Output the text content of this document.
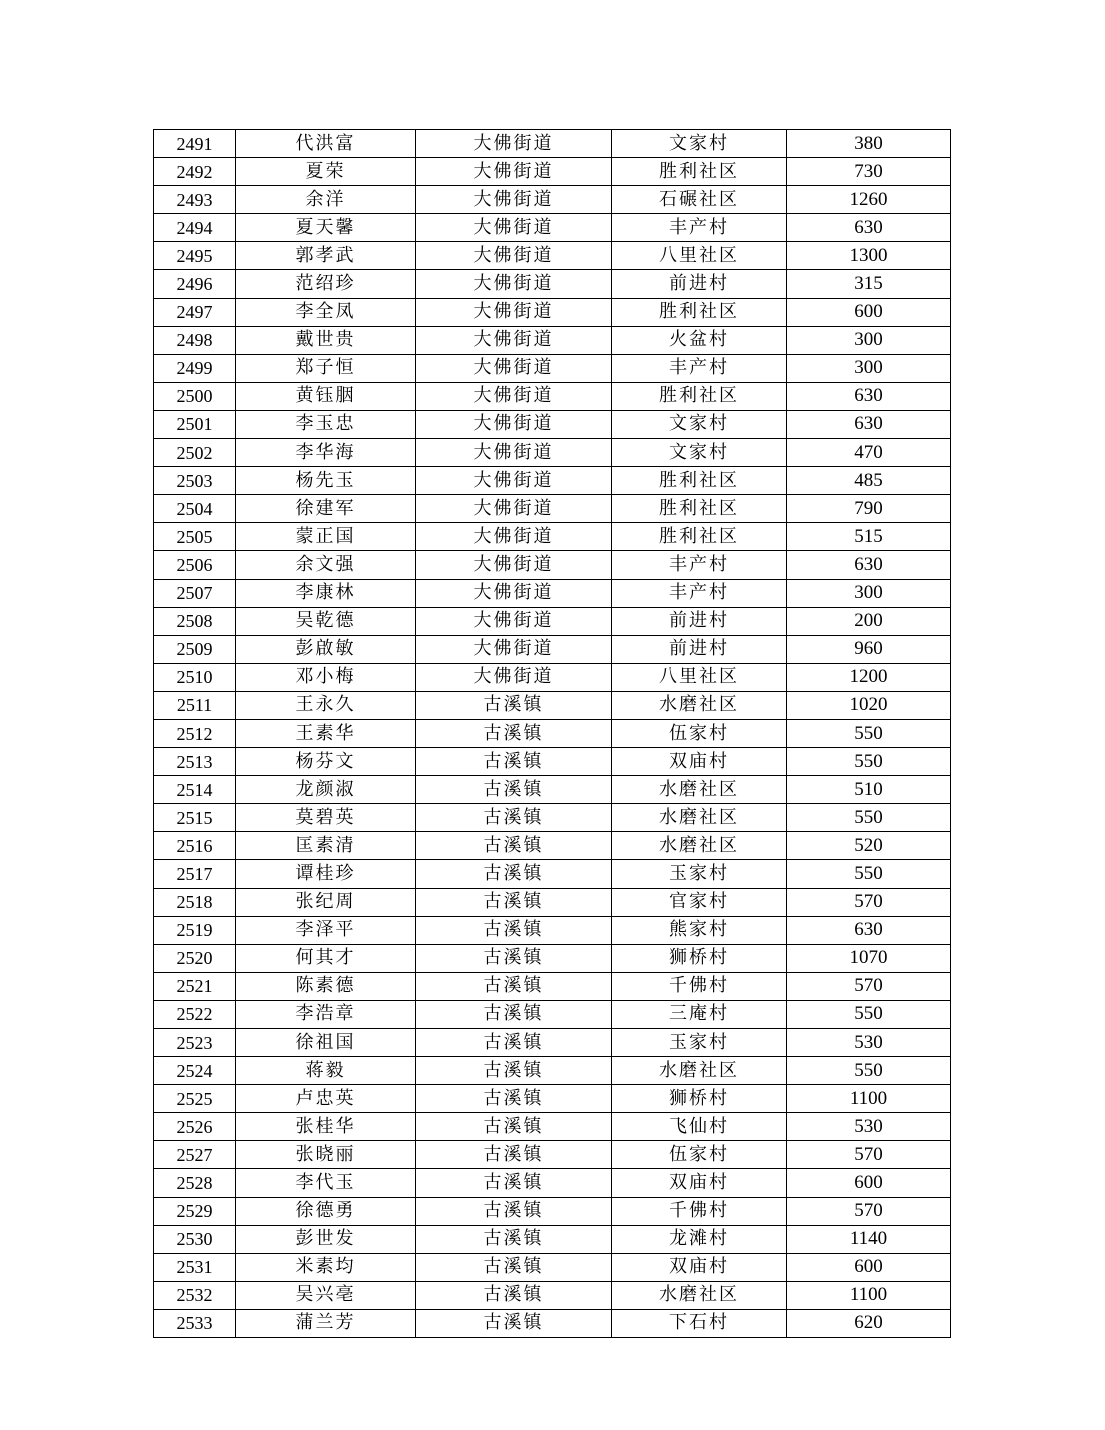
2491	代洪富	大佛街道	文家村	380
2492	夏荣	大佛街道	胜利社区	730
2493	余洋	大佛街道	石碾社区	1260
2494	夏天馨	大佛街道	丰产村	630
2495	郭孝武	大佛街道	八里社区	1300
2496	范绍珍	大佛街道	前进村	315
2497	李全凤	大佛街道	胜利社区	600
2498	戴世贵	大佛街道	火盆村	300
2499	郑子恒	大佛街道	丰产村	300
2500	黄钰胭	大佛街道	胜利社区	630
2501	李玉忠	大佛街道	文家村	630
2502	李华海	大佛街道	文家村	470
2503	杨先玉	大佛街道	胜利社区	485
2504	徐建军	大佛街道	胜利社区	790
2505	蒙正国	大佛街道	胜利社区	515
2506	余文强	大佛街道	丰产村	630
2507	李康林	大佛街道	丰产村	300
2508	吴乾德	大佛街道	前进村	200
2509	彭啟敏	大佛街道	前进村	960
2510	邓小梅	大佛街道	八里社区	1200
2511	王永久	古溪镇	水磨社区	1020
2512	王素华	古溪镇	伍家村	550
2513	杨芬文	古溪镇	双庙村	550
2514	龙颜淑	古溪镇	水磨社区	510
2515	莫碧英	古溪镇	水磨社区	550
2516	匡素清	古溪镇	水磨社区	520
2517	谭桂珍	古溪镇	玉家村	550
2518	张纪周	古溪镇	官家村	570
2519	李泽平	古溪镇	熊家村	630
2520	何其才	古溪镇	狮桥村	1070
2521	陈素德	古溪镇	千佛村	570
2522	李浩章	古溪镇	三庵村	550
2523	徐祖国	古溪镇	玉家村	530
2524	蒋毅	古溪镇	水磨社区	550
2525	卢忠英	古溪镇	狮桥村	1100
2526	张桂华	古溪镇	飞仙村	530
2527	张晓丽	古溪镇	伍家村	570
2528	李代玉	古溪镇	双庙村	600
2529	徐德勇	古溪镇	千佛村	570
2530	彭世发	古溪镇	龙滩村	1140
2531	米素均	古溪镇	双庙村	600
2532	吴兴亳	古溪镇	水磨社区	1100
2533	蒲兰芳	古溪镇	下石村	620
